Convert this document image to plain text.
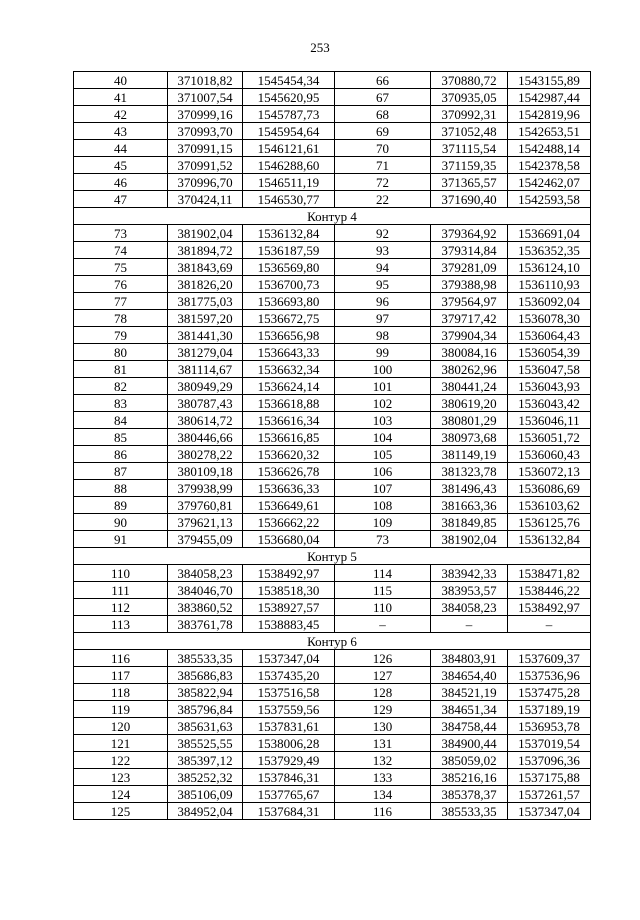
253
40	371018,82	1545454,34	66	370880,72	1543155,89
41	371007,54	1545620,95	67	370935,05	1542987,44
42	370999,16	1545787,73	68	370992,31	1542819,96
43	370993,70	1545954,64	69	371052,48	1542653,51
44	370991,15	1546121,61	70	371115,54	1542488,14
45	370991,52	1546288,60	71	371159,35	1542378,58
46	370996,70	1546511,19	72	371365,57	1542462,07
47	370424,11	1546530,77	22	371690,40	1542593,58
Контур 4					
73	381902,04	1536132,84	92	379364,92	1536691,04
74	381894,72	1536187,59	93	379314,84	1536352,35
75	381843,69	1536569,80	94	379281,09	1536124,10
76	381826,20	1536700,73	95	379388,98	1536110,93
77	381775,03	1536693,80	96	379564,97	1536092,04
78	381597,20	1536672,75	97	379717,42	1536078,30
79	381441,30	1536656,98	98	379904,34	1536064,43
80	381279,04	1536643,33	99	380084,16	1536054,39
81	381114,67	1536632,34	100	380262,96	1536047,58
82	380949,29	1536624,14	101	380441,24	1536043,93
83	380787,43	1536618,88	102	380619,20	1536043,42
84	380614,72	1536616,34	103	380801,29	1536046,11
85	380446,66	1536616,85	104	380973,68	1536051,72
86	380278,22	1536620,32	105	381149,19	1536060,43
87	380109,18	1536626,78	106	381323,78	1536072,13
88	379938,99	1536636,33	107	381496,43	1536086,69
89	379760,81	1536649,61	108	381663,36	1536103,62
90	379621,13	1536662,22	109	381849,85	1536125,76
91	379455,09	1536680,04	73	381902,04	1536132,84
Контур 5					
110	384058,23	1538492,97	114	383942,33	1538471,82
111	384046,70	1538518,30	115	383953,57	1538446,22
112	383860,52	1538927,57	110	384058,23	1538492,97
113	383761,78	1538883,45	–	–	–
Контур 6					
116	385533,35	1537347,04	126	384803,91	1537609,37
117	385686,83	1537435,20	127	384654,40	1537536,96
118	385822,94	1537516,58	128	384521,19	1537475,28
119	385796,84	1537559,56	129	384651,34	1537189,19
120	385631,63	1537831,61	130	384758,44	1536953,78
121	385525,55	1538006,28	131	384900,44	1537019,54
122	385397,12	1537929,49	132	385059,02	1537096,36
123	385252,32	1537846,31	133	385216,16	1537175,88
124	385106,09	1537765,67	134	385378,37	1537261,57
125	384952,04	1537684,31	116	385533,35	1537347,04
